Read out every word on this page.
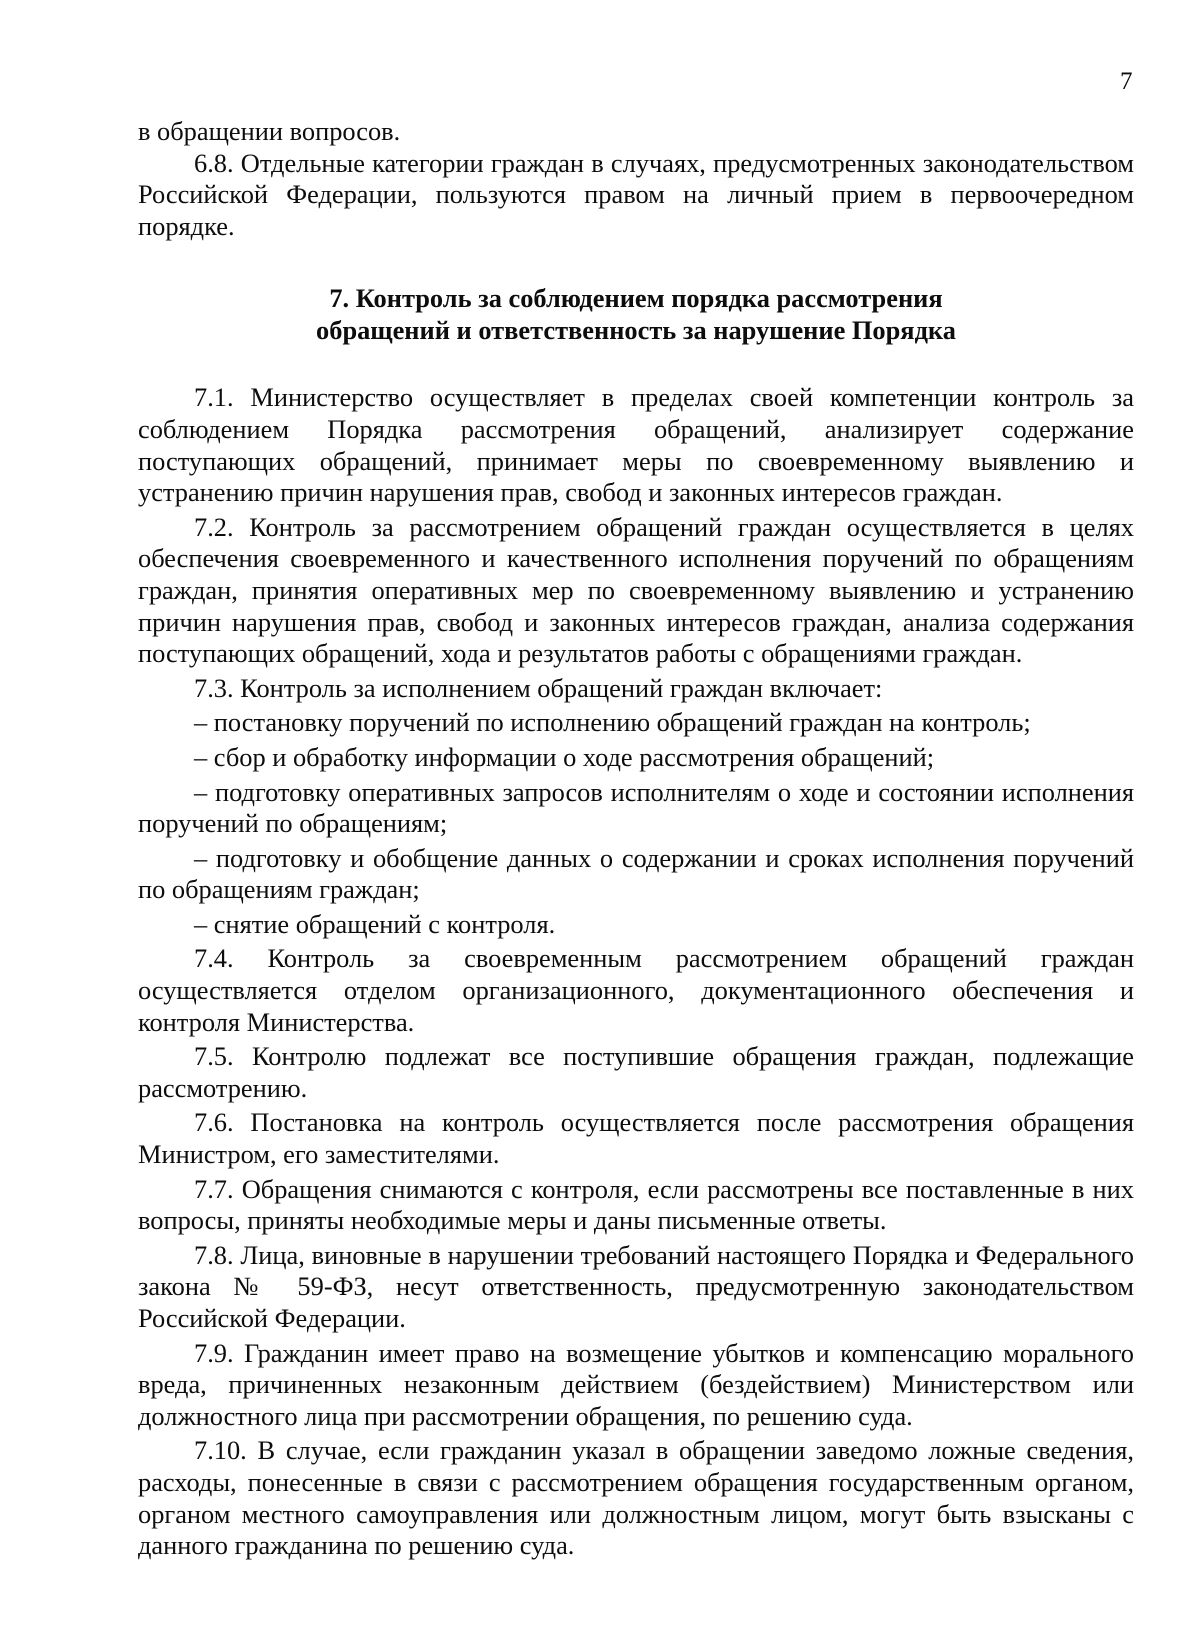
7

в обращении вопросов.

6.8. Отдельные категории граждан в случаях, предусмотренных законодательством Российской Федерации, пользуются правом на личный прием в первоочередном порядке.

7. Контроль за соблюдением порядка рассмотрения
обращений и ответственность за нарушение Порядка

7.1. Министерство осуществляет в пределах своей компетенции контроль за соблюдением Порядка рассмотрения обращений, анализирует содержание поступающих обращений, принимает меры по своевременному выявлению и устранению причин нарушения прав, свобод и законных интересов граждан.

7.2. Контроль за рассмотрением обращений граждан осуществляется в целях обеспечения своевременного и качественного исполнения поручений по обращениям граждан, принятия оперативных мер по своевременному выявлению и устранению причин нарушения прав, свобод и законных интересов граждан, анализа содержания поступающих обращений, хода и результатов работы с обращениями граждан.

7.3. Контроль за исполнением обращений граждан включает:

– постановку поручений по исполнению обращений граждан на контроль;

– сбор и обработку информации о ходе рассмотрения обращений;

– подготовку оперативных запросов исполнителям о ходе и состоянии исполнения поручений по обращениям;

– подготовку и обобщение данных о содержании и сроках исполнения поручений по обращениям граждан;

– снятие обращений с контроля.

7.4. Контроль за своевременным рассмотрением обращений граждан осуществляется отделом организационного, документационного обеспечения и контроля Министерства.

7.5. Контролю подлежат все поступившие обращения граждан, подлежащие рассмотрению.

7.6. Постановка на контроль осуществляется после рассмотрения обращения Министром, его заместителями.

7.7. Обращения снимаются с контроля, если рассмотрены все поставленные в них вопросы, приняты необходимые меры и даны письменные ответы.

7.8. Лица, виновные в нарушении требований настоящего Порядка и Федерального закона № 59-ФЗ, несут ответственность, предусмотренную законодательством Российской Федерации.

7.9. Гражданин имеет право на возмещение убытков и компенсацию морального вреда, причиненных незаконным действием (бездействием) Министерством или должностного лица при рассмотрении обращения, по решению суда.

7.10. В случае, если гражданин указал в обращении заведомо ложные сведения, расходы, понесенные в связи с рассмотрением обращения государственным органом, органом местного самоуправления или должностным лицом, могут быть взысканы с данного гражданина по решению суда.
